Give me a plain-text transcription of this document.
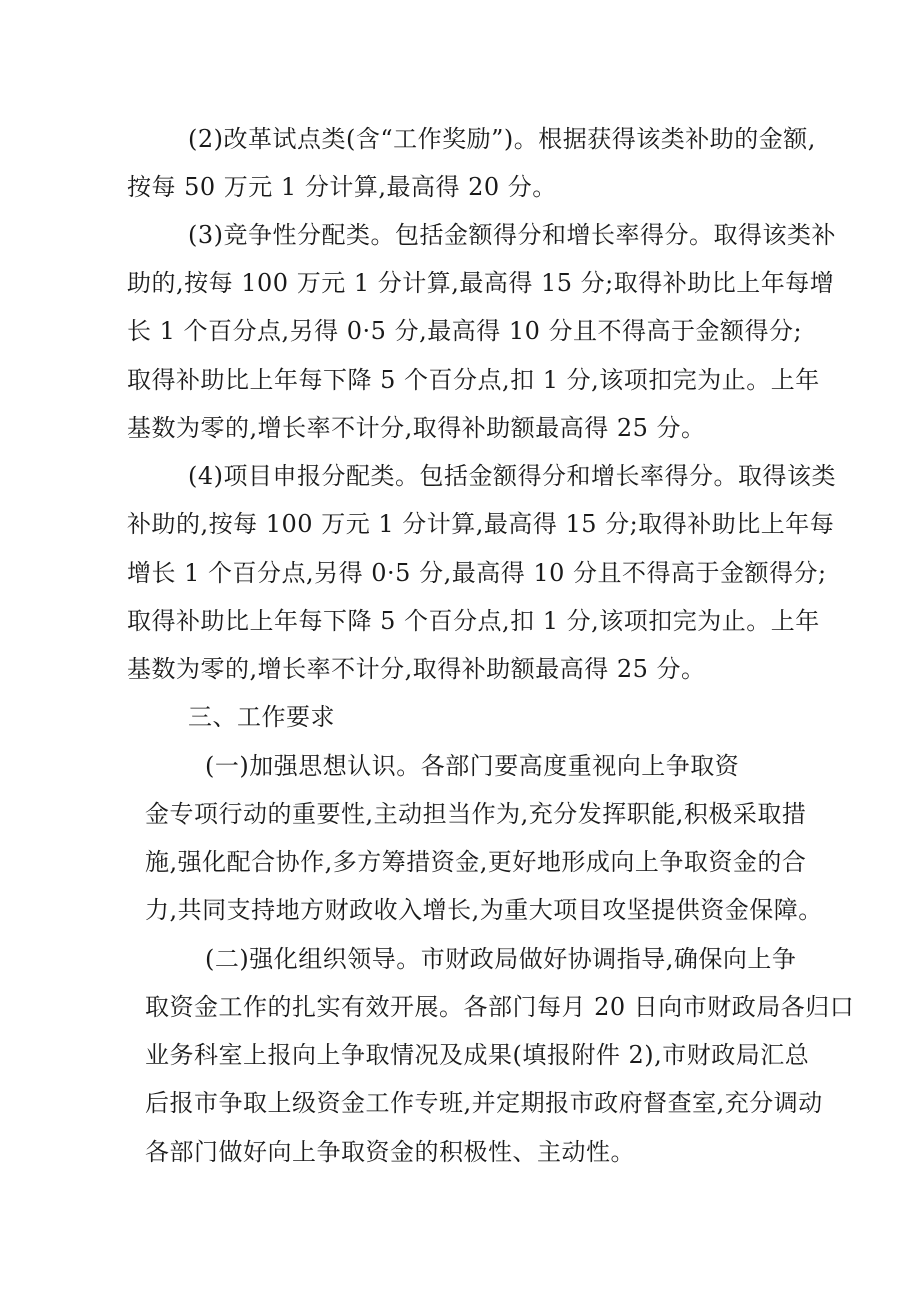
(2)改革试点类(含“工作奖励”)。根据获得该类补助的金额,
按每 50 万元 1 分计算,最高得 20 分。
(3)竞争性分配类。包括金额得分和增长率得分。取得该类补
助的,按每 100 万元 1 分计算,最高得 15 分;取得补助比上年每增
长 1 个百分点,另得 0·5 分,最高得 10 分且不得高于金额得分;
取得补助比上年每下降 5 个百分点,扣 1 分,该项扣完为止。上年
基数为零的,增长率不计分,取得补助额最高得 25 分。
(4)项目申报分配类。包括金额得分和增长率得分。取得该类
补助的,按每 100 万元 1 分计算,最高得 15 分;取得补助比上年每
增长 1 个百分点,另得 0·5 分,最高得 10 分且不得高于金额得分;
取得补助比上年每下降 5 个百分点,扣 1 分,该项扣完为止。上年
基数为零的,增长率不计分,取得补助额最高得 25 分。
三、工作要求
(一)加强思想认识。各部门要高度重视向上争取资
金专项行动的重要性,主动担当作为,充分发挥职能,积极采取措
施,强化配合协作,多方筹措资金,更好地形成向上争取资金的合
力,共同支持地方财政收入增长,为重大项目攻坚提供资金保障。
(二)强化组织领导。市财政局做好协调指导,确保向上争
取资金工作的扎实有效开展。各部门每月 20 日向市财政局各归口
业务科室上报向上争取情况及成果(填报附件 2),市财政局汇总
后报市争取上级资金工作专班,并定期报市政府督查室,充分调动
各部门做好向上争取资金的积极性、主动性。
